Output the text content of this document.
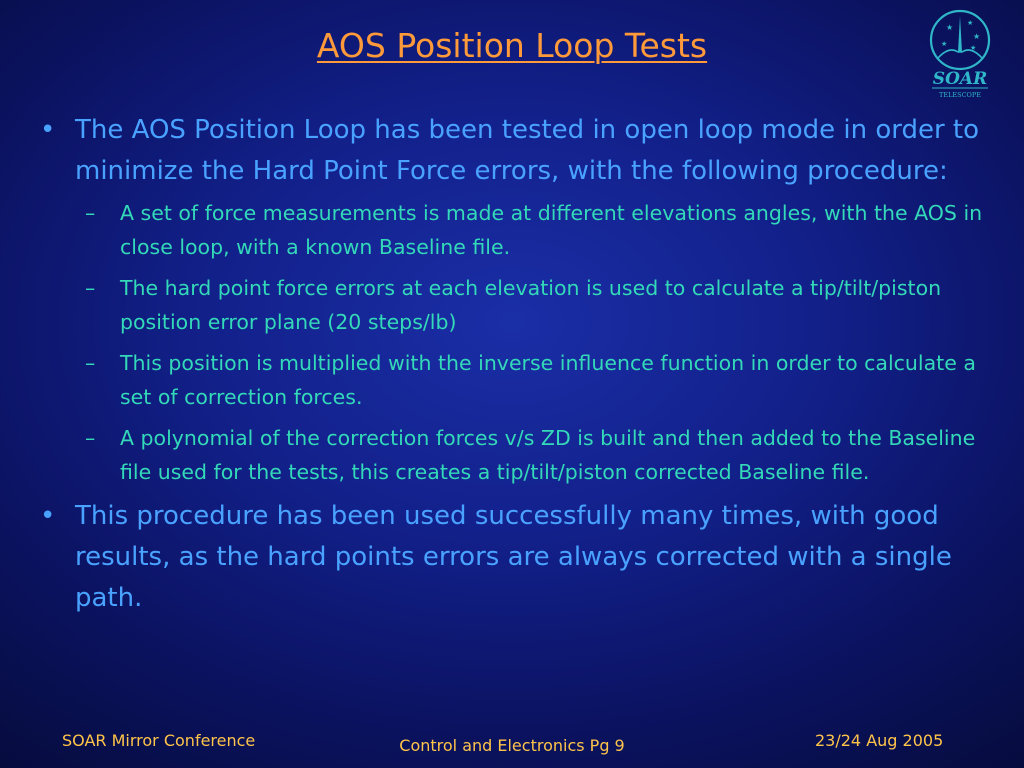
AOS Position Loop Tests	★ ★
★
★	★
SOAR
TELESCOPE
• The AOS Position Loop has been tested in open loop mode in order to minimize the Hard Point Force errors, with the following procedure:
– A set of force measurements is made at different elevations angles, with the AOS in close loop, with a known Baseline file.
– The hard point force errors at each elevation is used to calculate a tip/tilt/piston position error plane (20 steps/lb)
– This position is multiplied with the inverse influence function in order to calculate a set of correction forces.
– A polynomial of the correction forces v/s ZD is built and then added to the Baseline file used for the tests, this creates a tip/tilt/piston corrected Baseline file.
• This procedure has been used successfully many times, with good results, as the hard points errors are always corrected with a single path.
SOAR Mirror Conference	Control and Electronics Pg 9	23/24 Aug 2005
